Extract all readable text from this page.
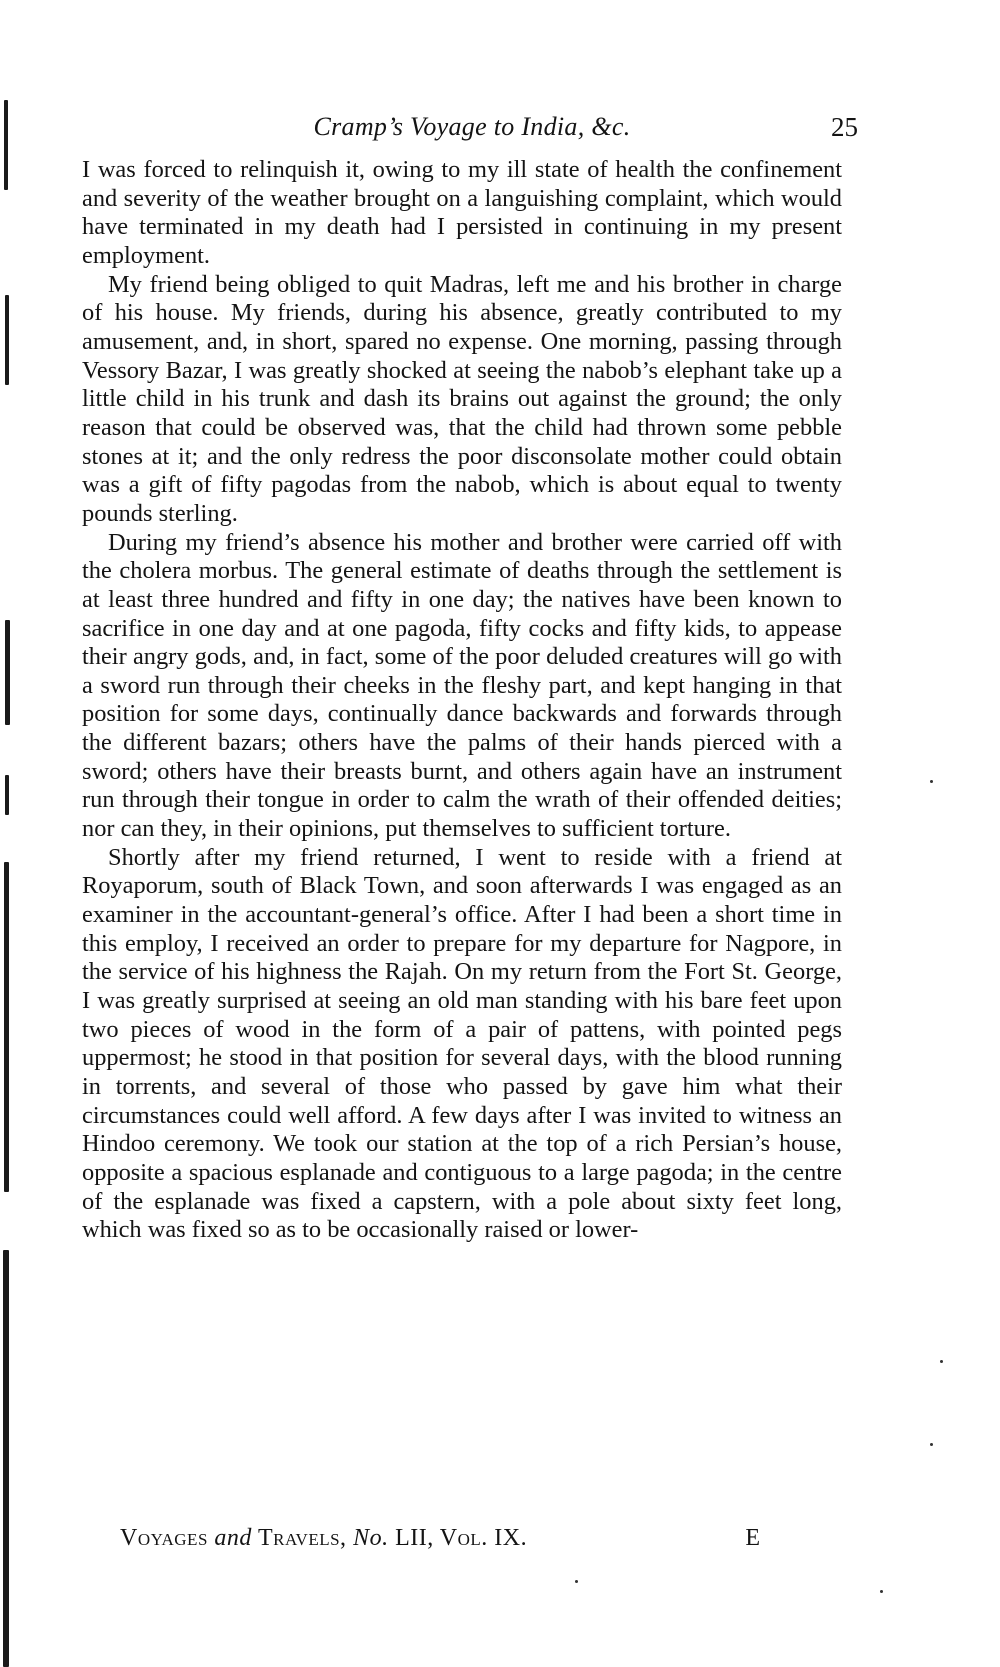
Cramp’s Voyage to India, &c.	25

I was forced to relinquish it, owing to my ill state of health the confinement and severity of the weather brought on a languishing complaint, which would have terminated in my death had I persisted in continuing in my present employment.

My friend being obliged to quit Madras, left me and his brother in charge of his house. My friends, during his absence, greatly contributed to my amusement, and, in short, spared no expense. One morning, passing through Vessory Bazar, I was greatly shocked at seeing the nabob’s elephant take up a little child in his trunk and dash its brains out against the ground; the only reason that could be observed was, that the child had thrown some pebble stones at it; and the only redress the poor disconsolate mother could obtain was a gift of fifty pagodas from the nabob, which is about equal to twenty pounds sterling.

During my friend’s absence his mother and brother were carried off with the cholera morbus. The general estimate of deaths through the settlement is at least three hundred and fifty in one day; the natives have been known to sacrifice in one day and at one pagoda, fifty cocks and fifty kids, to appease their angry gods, and, in fact, some of the poor deluded creatures will go with a sword run through their cheeks in the fleshy part, and kept hanging in that position for some days, continually dance backwards and forwards through the different bazars; others have the palms of their hands pierced with a sword; others have their breasts burnt, and others again have an instrument run through their tongue in order to calm the wrath of their offended deities; nor can they, in their opinions, put themselves to sufficient torture.

Shortly after my friend returned, I went to reside with a friend at Royaporum, south of Black Town, and soon afterwards I was engaged as an examiner in the accountant-general’s office. After I had been a short time in this employ, I received an order to prepare for my departure for Nagpore, in the service of his highness the Rajah. On my return from the Fort St. George, I was greatly surprised at seeing an old man standing with his bare feet upon two pieces of wood in the form of a pair of pattens, with pointed pegs uppermost; he stood in that position for several days, with the blood running in torrents, and several of those who passed by gave him what their circumstances could well afford. A few days after I was invited to witness an Hindoo ceremony. We took our station at the top of a rich Persian’s house, opposite a spacious esplanade and contiguous to a large pagoda; in the centre of the esplanade was fixed a capstern, with a pole about sixty feet long, which was fixed so as to be occasionally raised or lower-

Voyages and Travels, No. LII, Vol. IX.	E
